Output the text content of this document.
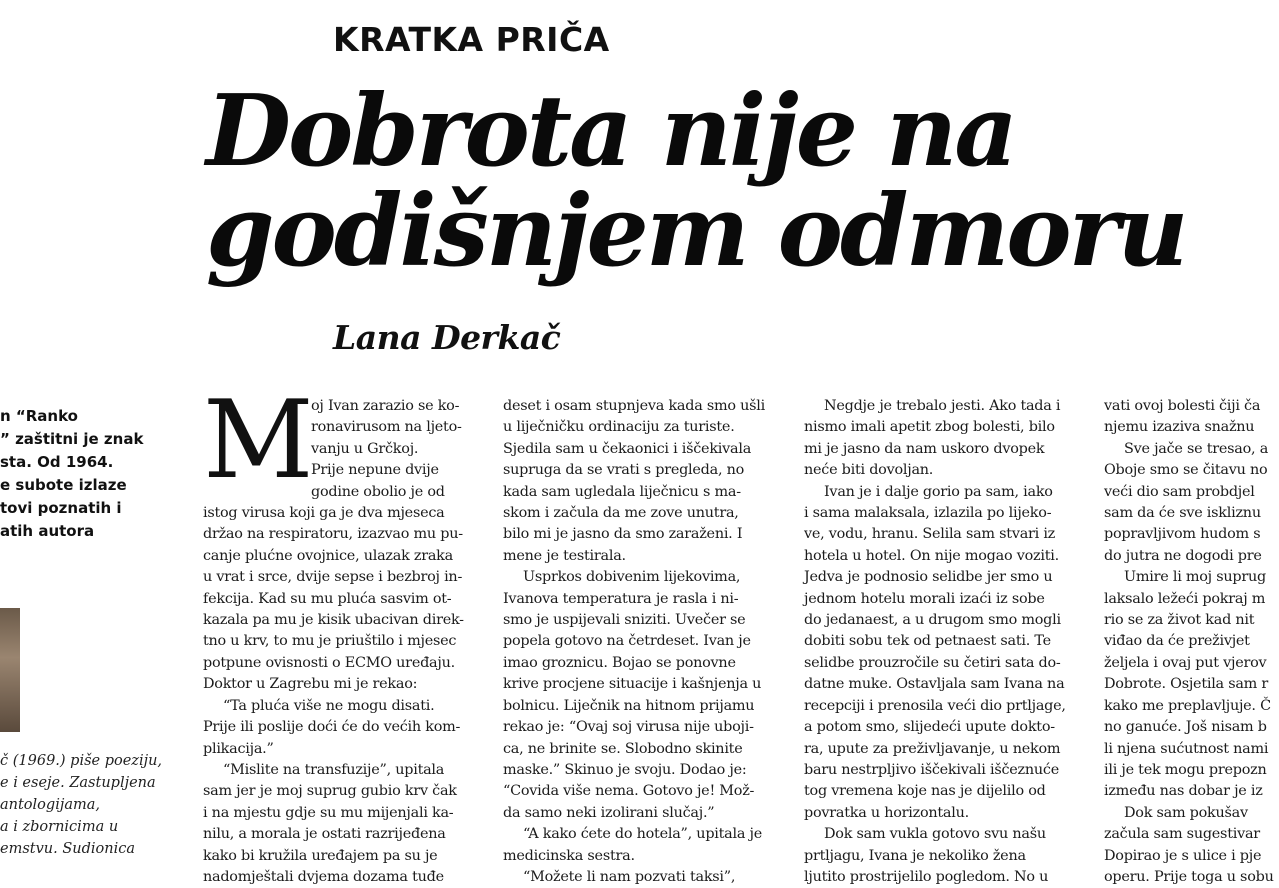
KRATKA PRIČA
Dobrota nije na
godišnjem odmoru
Lana Derkač
n “Ranko
” zaštitni je znak
sta. Od 1964.
e subote izlaze
tovi poznatih i
atih autora
č (1969.) piše poeziju,
e i eseje. Zastupljena
antologijama,
a i zbornicima u
emstvu. Sudionica
M
oj Ivan zarazio se ko-
ronavirusom na ljeto-
vanju u Grčkoj.
Prije nepune dvije
godine obolio je od
istog virusa koji ga je dva mjeseca
držao na respiratoru, izazvao mu pu-
canje plućne ovojnice, ulazak zraka
u vrat i srce, dvije sepse i bezbroj in-
fekcija. Kad su mu pluća sasvim ot-
kazala pa mu je kisik ubacivan direk-
tno u krv, to mu je priuštilo i mjesec
potpune ovisnosti o ECMO uređaju.
Doktor u Zagrebu mi je rekao:
“Ta pluća više ne mogu disati.
Prije ili poslije doći će do većih kom-
plikacija.”
“Mislite na transfuzije”, upitala
sam jer je moj suprug gubio krv čak
i na mjestu gdje su mu mijenjali ka-
nilu, a morala je ostati razrijeđena
kako bi kružila uređajem pa su je
nadomještali dvjema dozama tuđe
deset i osam stupnjeva kada smo ušli
u liječničku ordinaciju za turiste.
Sjedila sam u čekaonici i iščekivala
supruga da se vrati s pregleda, no
kada sam ugledala liječnicu s ma-
skom i začula da me zove unutra,
bilo mi je jasno da smo zaraženi. I
mene je testirala.
Usprkos dobivenim lijekovima,
Ivanova temperatura je rasla i ni-
smo je uspijevali sniziti. Uvečer se
popela gotovo na četrdeset. Ivan je
imao groznicu. Bojao se ponovne
krive procjene situacije i kašnjenja u
bolnicu. Liječnik na hitnom prijamu
rekao je: “Ovaj soj virusa nije uboji-
ca, ne brinite se. Slobodno skinite
maske.” Skinuo je svoju. Dodao je:
“Covida više nema. Gotovo je! Mož-
da samo neki izolirani slučaj.”
“A kako ćete do hotela”, upitala je
medicinska sestra.
“Možete li nam pozvati taksi”,
Negdje je trebalo jesti. Ako tada i
nismo imali apetit zbog bolesti, bilo
mi je jasno da nam uskoro dvopek
neće biti dovoljan.
Ivan je i dalje gorio pa sam, iako
i sama malaksala, izlazila po lijeko-
ve, vodu, hranu. Selila sam stvari iz
hotela u hotel. On nije mogao voziti.
Jedva je podnosio selidbe jer smo u
jednom hotelu morali izaći iz sobe
do jedanaest, a u drugom smo mogli
dobiti sobu tek od petnaest sati. Te
selidbe prouzročile su četiri sata do-
datne muke. Ostavljala sam Ivana na
recepciji i prenosila veći dio prtljage,
a potom smo, slijedeći upute dokto-
ra, upute za preživljavanje, u nekom
baru nestrpljivo iščekivali iščeznuće
tog vremena koje nas je dijelilo od
povratka u horizontalu.
Dok sam vukla gotovo svu našu
prtljagu, Ivana je nekoliko žena
ljutito prostrijelilo pogledom. No u
vati ovoj bolesti čiji ča
njemu izaziva snažnu
Sve jače se tresao, a
Oboje smo se čitavu no
veći dio sam probdjel
sam da će sve iskliznu
popravljivom hudom s
do jutra ne dogodi pre
Umire li moj suprug
laksalo ležeći pokraj m
rio se za život kad nit
viđao da će preživjet
željela i ovaj put vjerov
Dobrote. Osjetila sam r
kako me preplavljuje. Č
no ganuće. Još nisam b
li njena sućutnost nami
ili je tek mogu prepozn
između nas dobar je iz
Dok sam pokušav
začula sam sugestivar
Dopirao je s ulice i pje
operu. Prije toga u sobu
